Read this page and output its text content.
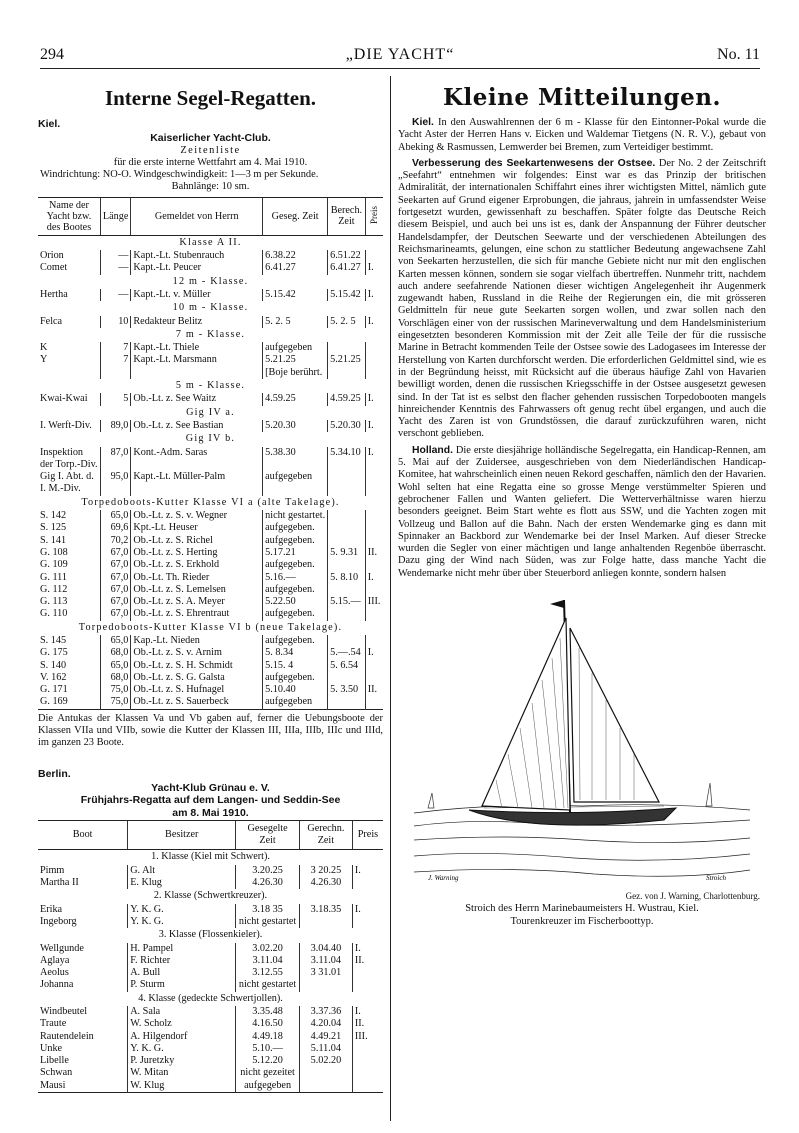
294	„DIE YACHT“	No. 11
Interne Segel-Regatten.
Kiel.
Kaiserlicher Yacht-Club.
Zeitenliste
für die erste interne Wettfahrt am 4. Mai 1910.
Windrichtung: NO-O. Windgeschwindigkeit: 1—3 m per Sekunde.
Bahnlänge: 10 sm.
Name der Yacht bzw. des Bootes	Länge	Gemeldet von Herrn	Geseg. Zeit	Berech. Zeit	Preis
Klasse A II.					
Orion	—	Kapt.-Lt. Stubenrauch	6.38.22	6.51.22	
Comet	—	Kapt.-Lt. Peucer	6.41.27	6.41.27	I.
12 m - Klasse.					
Hertha	—	Kapt.-Lt. v. Müller	5.15.42	5.15.42	I.
10 m - Klasse.					
Felca	10	Redakteur Belitz	5. 2. 5	5. 2. 5	I.
7 m - Klasse.					
K	7	Kapt.-Lt. Thiele	aufgegeben		
Y	7	Kapt.-Lt. Marsmann	5.21.25	5.21.25	
			[Boje berührt.		
5 m - Klasse.					
Kwai-Kwai	5	Ob.-Lt. z. See Waitz	4.59.25	4.59.25	I.
Gig IV a.					
I. Werft-Div.	89,0	Ob.-Lt. z. See Bastian	5.20.30	5.20.30	I.
Gig IV b.					
Inspektion der Torp.-Div.	87,0	Kont.-Adm. Saras	5.38.30	5.34.10	I.
Gig I. Abt. d. I. M.-Div.	95,0	Kapt.-Lt. Müller-Palm	aufgegeben		
Torpedoboots-Kutter Klasse VI a (alte Takelage).					
S. 142	65,0	Ob.-Lt. z. S. v. Wegner	nicht gestartet.		
S. 125	69,6	Kpt.-Lt. Heuser	aufgegeben.		
S. 141	70,2	Ob.-Lt. z. S. Richel	aufgegeben.		
G. 108	67,0	Ob.-Lt. z. S. Herting	5.17.21	5. 9.31	II.
G. 109	67,0	Ob.-Lt. z. S. Erkhold	aufgegeben.		
G. 111	67,0	Ob.-Lt. Th. Rieder	5.16.—	5. 8.10	I.
G. 112	67,0	Ob.-Lt. z. S. Lemelsen	aufgegeben.		
G. 113	67,0	Ob.-Lt. z. S. A. Meyer	5.22.50	5.15.—	III.
G. 110	67,0	Ob.-Lt. z. S. Ehrentraut	aufgegeben.		
Torpedoboots-Kutter Klasse VI b (neue Takelage).					
S. 145	65,0	Kap.-Lt. Nieden	aufgegeben.		
G. 175	68,0	Ob.-Lt. z. S. v. Arnim	5. 8.34	5.—.54	I.
S. 140	65,0	Ob.-Lt. z. S. H. Schmidt	5.15. 4	5. 6.54	
V. 162	68,0	Ob.-Lt. z. S. G. Galsta	aufgegeben.		
G. 171	75,0	Ob.-Lt. z. S. Hufnagel	5.10.40	5. 3.50	II.
G. 169	75,0	Ob.-Lt. z. S. Sauerbeck	aufgegeben		
Die Antukas der Klassen Va und Vb gaben auf, ferner die Uebungsboote der Klassen VIIa und VIIb, sowie die Kutter der Klassen III, IIIa, IIIb, IIIc und IIId, im ganzen 23 Boote.
Berlin.
Yacht-Klub Grünau e. V.
Frühjahrs-Regatta auf dem Langen- und Seddin-See
am 8. Mai 1910.
Boot	Besitzer	Gesegelte Zeit	Gerechn. Zeit	Preis
1. Klasse (Kiel mit Schwert).				
Pimm	G. Alt	3.20.25	3 20.25	I.
Martha II	E. Klug	4.26.30	4.26.30	
2. Klasse (Schwertkreuzer).				
Erika	Y. K. G.	3.18 35	3.18.35	I.
Ingeborg	Y. K. G.	nicht gestartet		
3. Klasse (Flossenkieler).				
Wellgunde	H. Pampel	3.02.20	3.04.40	I.
Aglaya	F. Richter	3.11.04	3.11.04	II.
Aeolus	A. Bull	3.12.55	3 31.01	
Johanna	P. Sturm	nicht gestartet		
4. Klasse (gedeckte Schwertjollen).				
Windbeutel	A. Sala	3.35.48	3.37.36	I.
Traute	W. Scholz	4.16.50	4.20.04	II.
Rautendelein	A. Hilgendorf	4.49.18	4.49.21	III.
Unke	Y. K. G.	5.10.—	5.11.04	
Libelle	P. Juretzky	5.12.20	5.02.20	
Schwan	W. Mitan	nicht gezeitet		
Mausi	W. Klug	aufgegeben		
Kleine Mitteilungen.

Kiel. In den Auswahlrennen der 6 m - Klasse für den Eintonner-Pokal wurde die Yacht Aster der Herren Hans v. Eicken und Waldemar Tietgens (N. R. V.), gebaut von Abeking & Rasmussen, Lemwerder bei Bremen, zum Verteidiger bestimmt.

Verbesserung des Seekartenwesens der Ostsee. Der No. 2 der Zeitschrift „Seefahrt“ entnehmen wir folgendes: Einst war es das Prinzip der britischen Admiralität, der internationalen Schiffahrt eines ihrer wichtigsten Mittel, nämlich gute Seekarten auf Grund eigener Erprobungen, die jahraus, jahrein in umfassendster Weise fortgesetzt wurden, gewissenhaft zu beschaffen. Später folgte das Deutsche Reich diesem Beispiel, und auch bei uns ist es, dank der Anspannung der Führer deutscher Handelsdampfer, der Deutschen Seewarte und der verschiedenen Abteilungen des Reichsmarineamts, gelungen, eine schon zu stattlicher Bedeutung angewachsene Zahl von Seekarten herzustellen, die sich für manche Gebiete nicht nur mit den englischen Karten messen können, sondern sie sogar vielfach übertreffen. Nunmehr tritt, nachdem auch andere seefahrende Nationen dieser wichtigen Angelegenheit ihr Augenmerk zugewandt haben, Russland in die Reihe der Regierungen ein, die mit grösseren Geldmitteln für neue gute Seekarten sorgen wollen, und zwar sollen nach den Vorschlägen einer von der russischen Marineverwaltung und dem Handelsministerium eingesetzten besonderen Kommission mit der Zeit alle Teile der für die russische Marine in Betracht kommenden Teile der Ostsee sowie des Ladogasees im Interesse der Herstellung von Karten durchforscht werden. Die erforderlichen Geldmittel sind, wie es in der Begründung heisst, mit Rücksicht auf die überaus häufige Zahl von Havarien bewilligt worden, denen die russischen Kriegsschiffe in der Ostsee ausgesetzt gewesen sind. In der Tat ist es selbst den flacher gehenden russischen Torpedobooten mangels hinreichender Kenntnis des Fahrwassers oft genug recht übel ergangen, und auch die Yacht des Zaren ist von Grundstössen, die darauf zurückzuführen waren, nicht verschont geblieben.

Holland. Die erste diesjährige holländische Segelregatta, ein Handicap-Rennen, am 5. Mai auf der Zuidersee, ausgeschrieben von dem Niederländischen Handicap-Komitee, hat wahrscheinlich einen neuen Rekord geschaffen, nämlich den der Havarien. Wohl selten hat eine Regatta eine so grosse Menge verstümmelter Spieren und gebrochener Fallen und Wanten geliefert. Die Wetterverhältnisse waren hierzu besonders geeignet. Beim Start wehte es flott aus SSW, und die Yachten zogen mit Vollzeug und Ballon auf die Bahn. Nach der ersten Wendemarke ging es dann mit Spinnaker an Backbord zur Wendemarke bei der Insel Marken. Auf dieser Strecke wurden die Segler von einer mächtigen und lange anhaltenden Regenböe überrascht. Dazu ging der Wind nach Süden, was zur Folge hatte, dass manche Yacht die Wendemarke nicht mehr über über Steuerbord anliegen konnte, sondern halsen

J. Warning	Stroich
Gez. von J. Warning, Charlottenburg.
Stroich des Herrn Marinebaumeisters H. Wustrau, Kiel.
Tourenkreuzer im Fischerboottyp.
